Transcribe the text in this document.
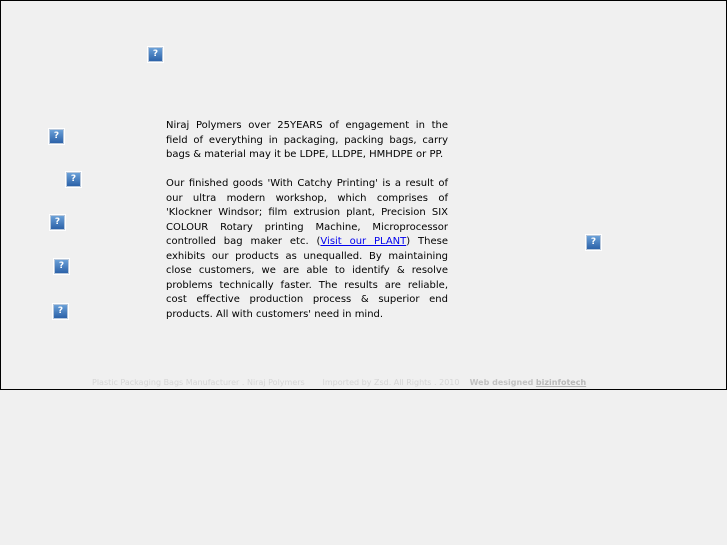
?
?
?
?
?
?
?

Niraj Polymers over 25YEARS of engagement in the field of everything in packaging, packing bags, carry bags & material may it be LDPE, LLDPE, HMHDPE or PP.

Our finished goods 'With Catchy Printing' is a result of our ultra modern workshop, which comprises of 'Klockner Windsor; film extrusion plant, Precision SIX COLOUR Rotary printing Machine, Microprocessor controlled bag maker etc. (Visit our PLANT) These exhibits our products as unequalled. By maintaining close customers, we are able to identify & resolve problems technically faster. The results are reliable, cost effective production process & superior end products. All with customers' need in mind.

Plastic Packaging Bags Manufacturer . Niraj Polymers Imported by Zsd. All Rights . 2010 Web designed bizinfotech
